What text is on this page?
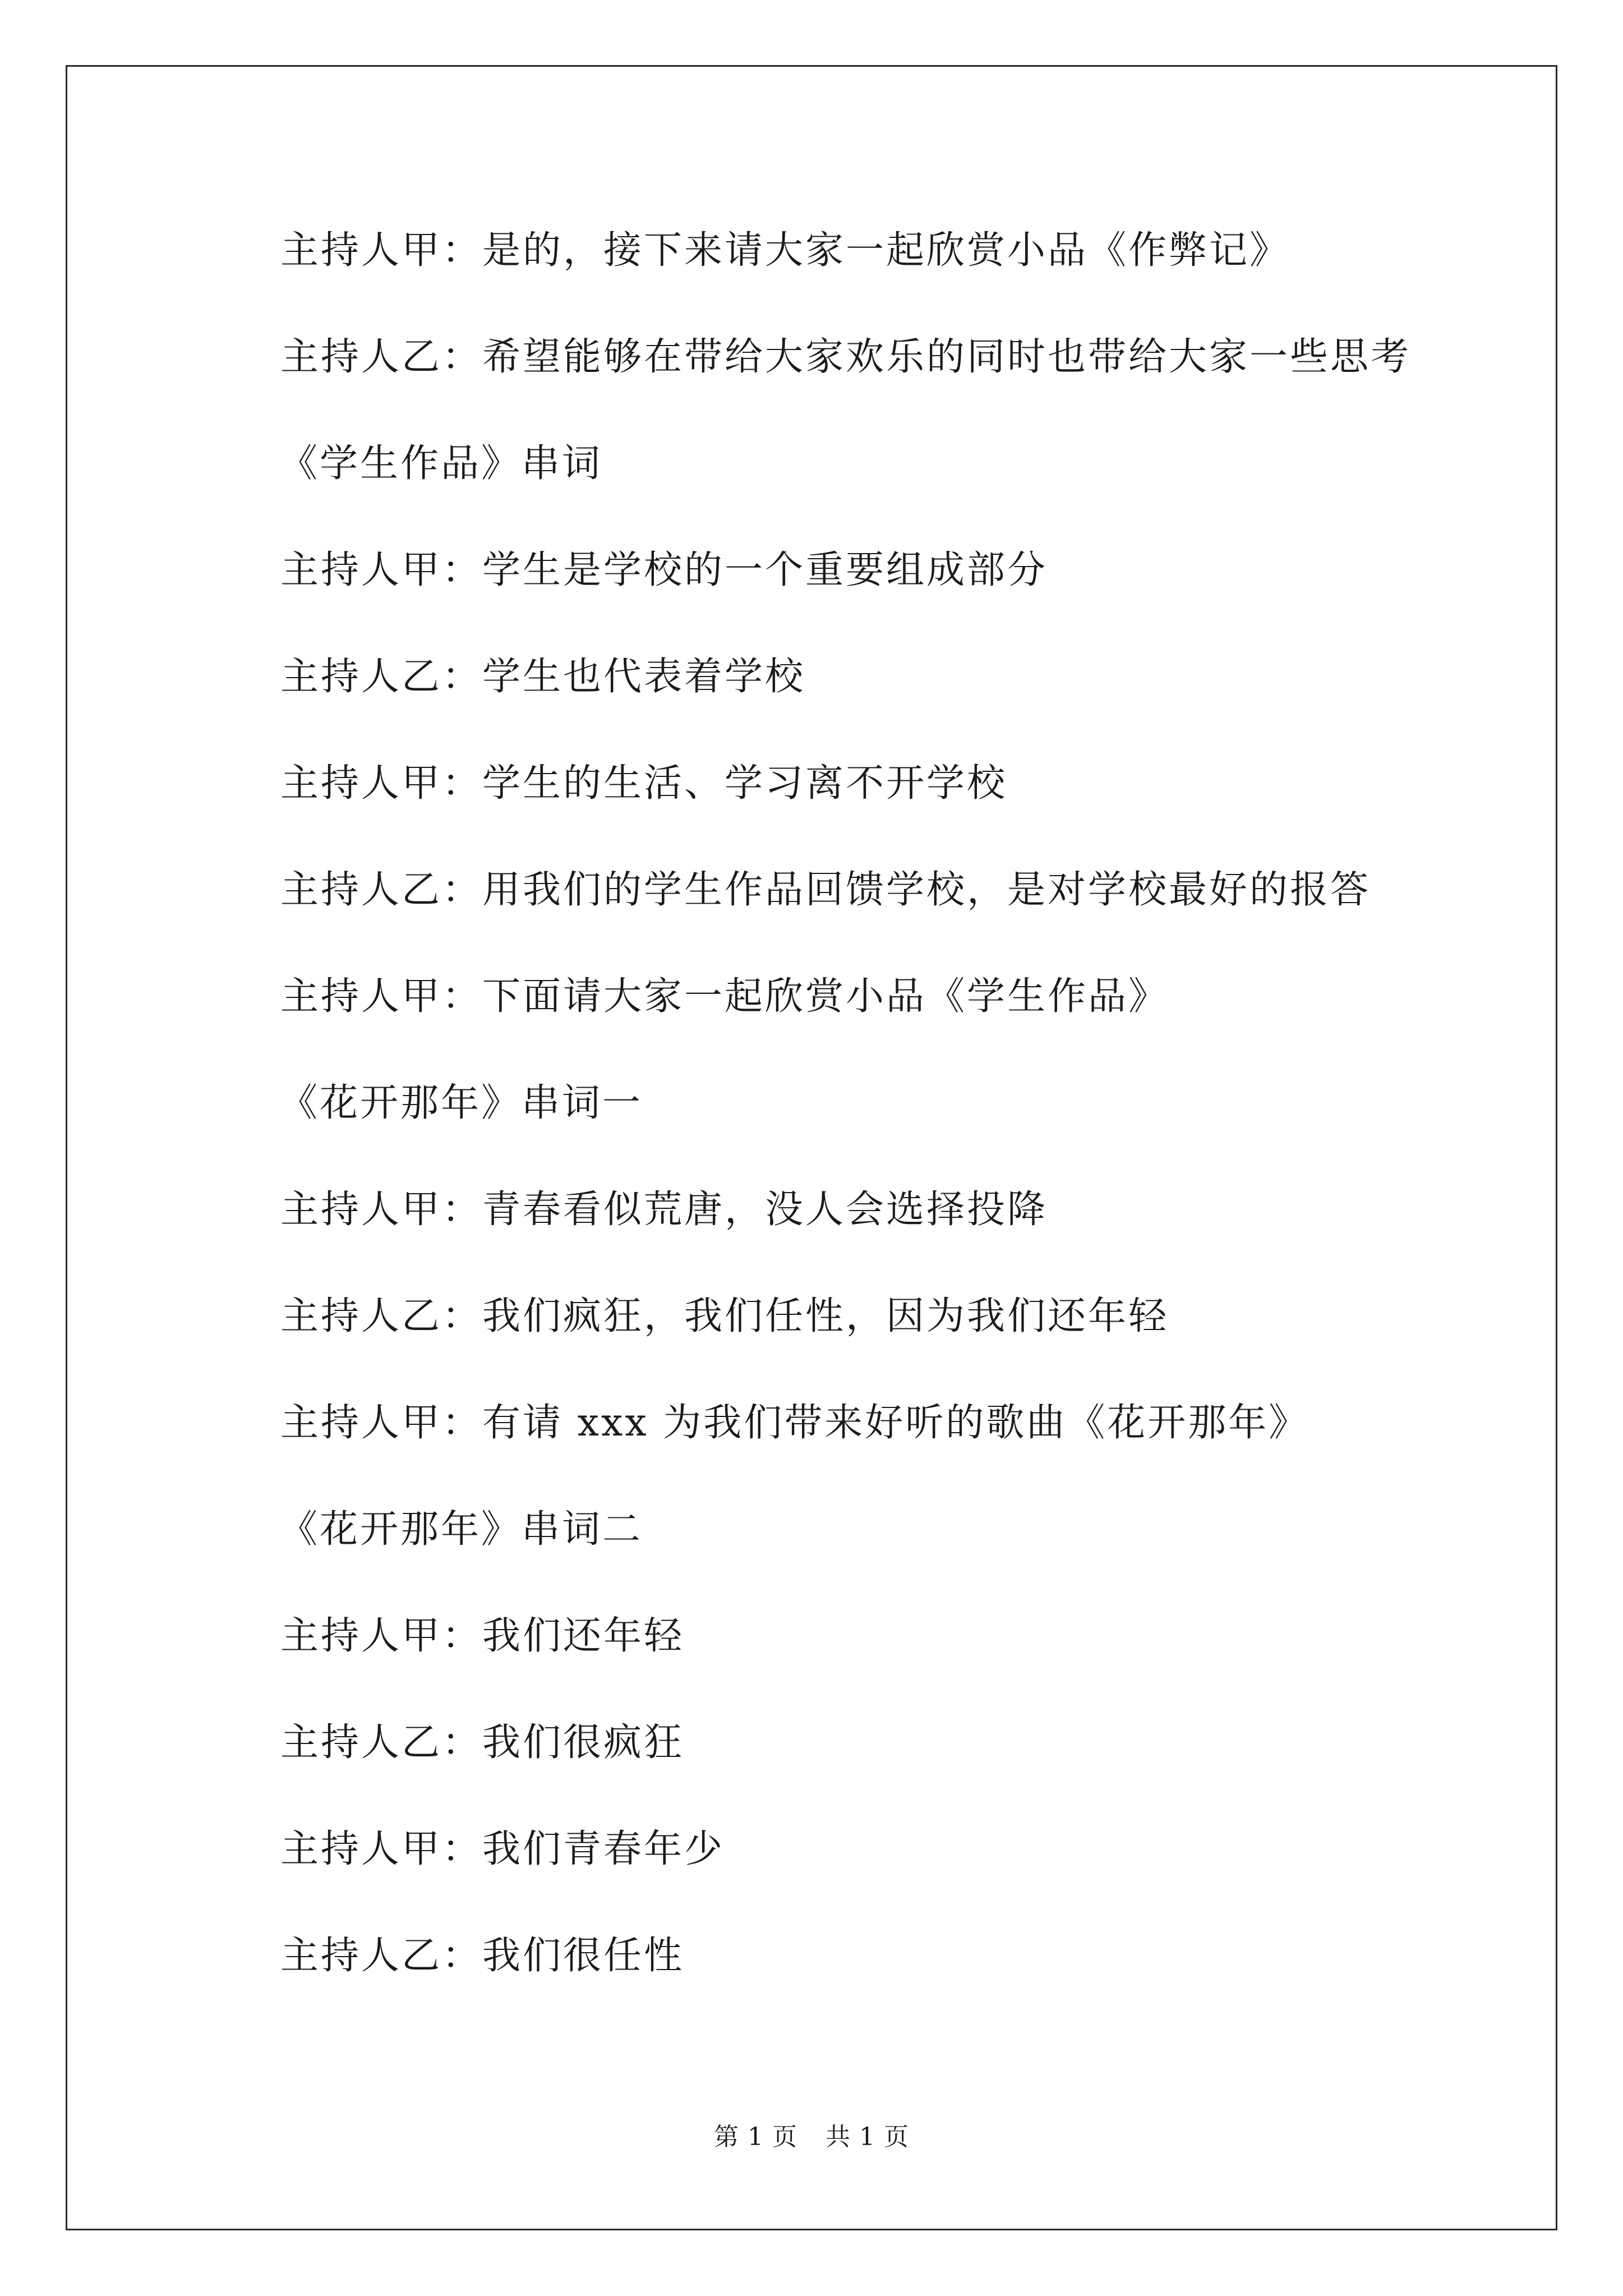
主持人甲：是的，接下来请大家一起欣赏小品《作弊记》
主持人乙：希望能够在带给大家欢乐的同时也带给大家一些思考
《学生作品》串词
主持人甲：学生是学校的一个重要组成部分
主持人乙：学生也代表着学校
主持人甲：学生的生活、学习离不开学校
主持人乙：用我们的学生作品回馈学校，是对学校最好的报答
主持人甲：下面请大家一起欣赏小品《学生作品》
《花开那年》串词一
主持人甲：青春看似荒唐，没人会选择投降
主持人乙：我们疯狂，我们任性，因为我们还年轻
主持人甲：有请 xxx 为我们带来好听的歌曲《花开那年》
《花开那年》串词二
主持人甲：我们还年轻
主持人乙：我们很疯狂
主持人甲：我们青春年少
主持人乙：我们很任性
第 1 页 共 1 页
